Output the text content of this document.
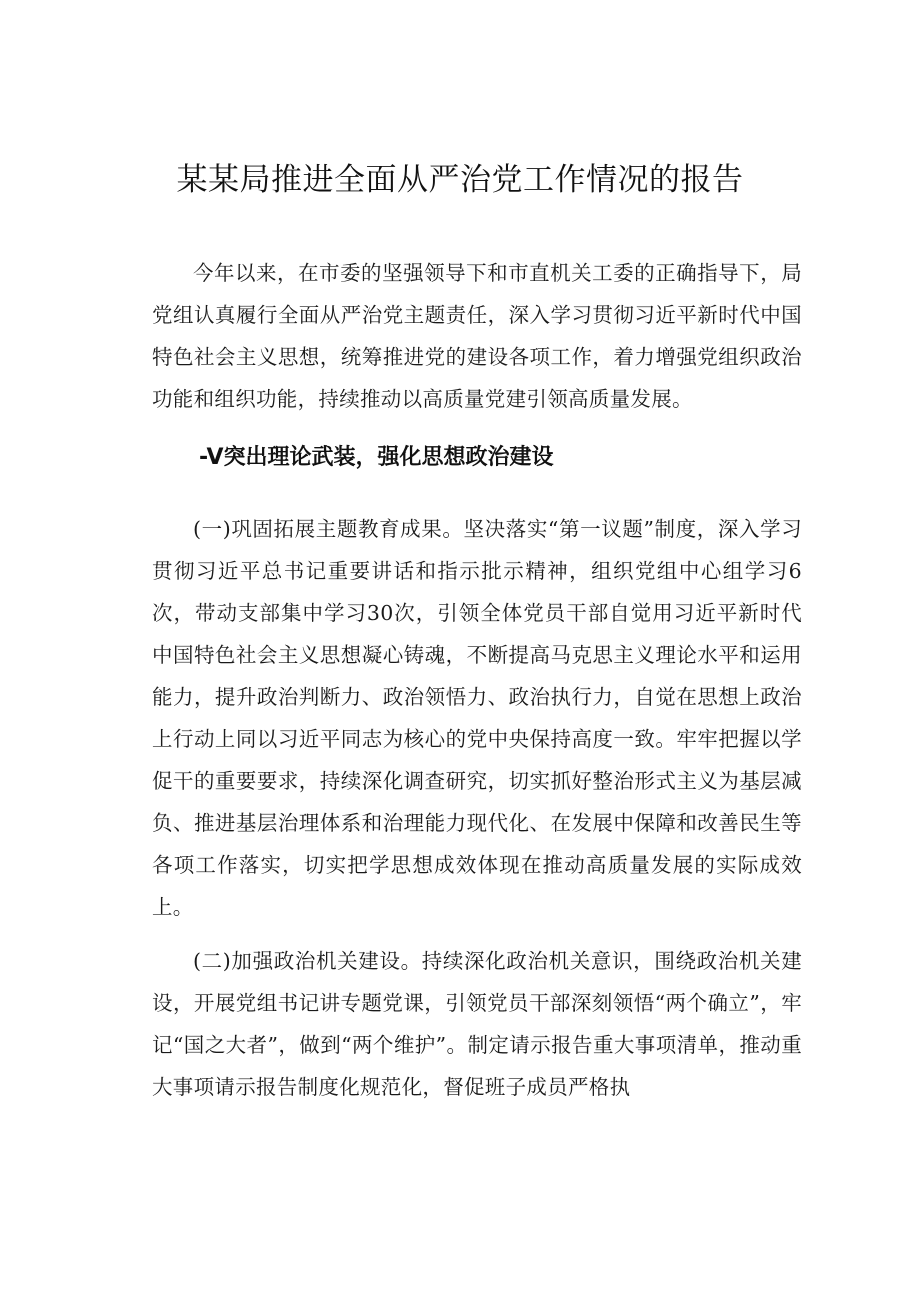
某某局推进全面从严治党工作情况的报告

今年以来，在市委的坚强领导下和市直机关工委的正确指导下，局党组认真履行全面从严治党主题责任，深入学习贯彻习近平新时代中国特色社会主义思想，统筹推进党的建设各项工作，着力增强党组织政治功能和组织功能，持续推动以高质量党建引领高质量发展。

-V突出理论武装，强化思想政治建设

(一)巩固拓展主题教育成果。坚决落实“第一议题”制度，深入学习贯彻习近平总书记重要讲话和指示批示精神，组织党组中心组学习6次，带动支部集中学习30次，引领全体党员干部自觉用习近平新时代中国特色社会主义思想凝心铸魂，不断提高马克思主义理论水平和运用能力，提升政治判断力、政治领悟力、政治执行力，自觉在思想上政治上行动上同以习近平同志为核心的党中央保持高度一致。牢牢把握以学促干的重要要求，持续深化调查研究，切实抓好整治形式主义为基层减负、推进基层治理体系和治理能力现代化、在发展中保障和改善民生等各项工作落实，切实把学思想成效体现在推动高质量发展的实际成效上。

(二)加强政治机关建设。持续深化政治机关意识，围绕政治机关建设，开展党组书记讲专题党课，引领党员干部深刻领悟“两个确立”，牢记“国之大者”，做到“两个维护”。制定请示报告重大事项清单，推动重大事项请示报告制度化规范化，督促班子成员严格执
